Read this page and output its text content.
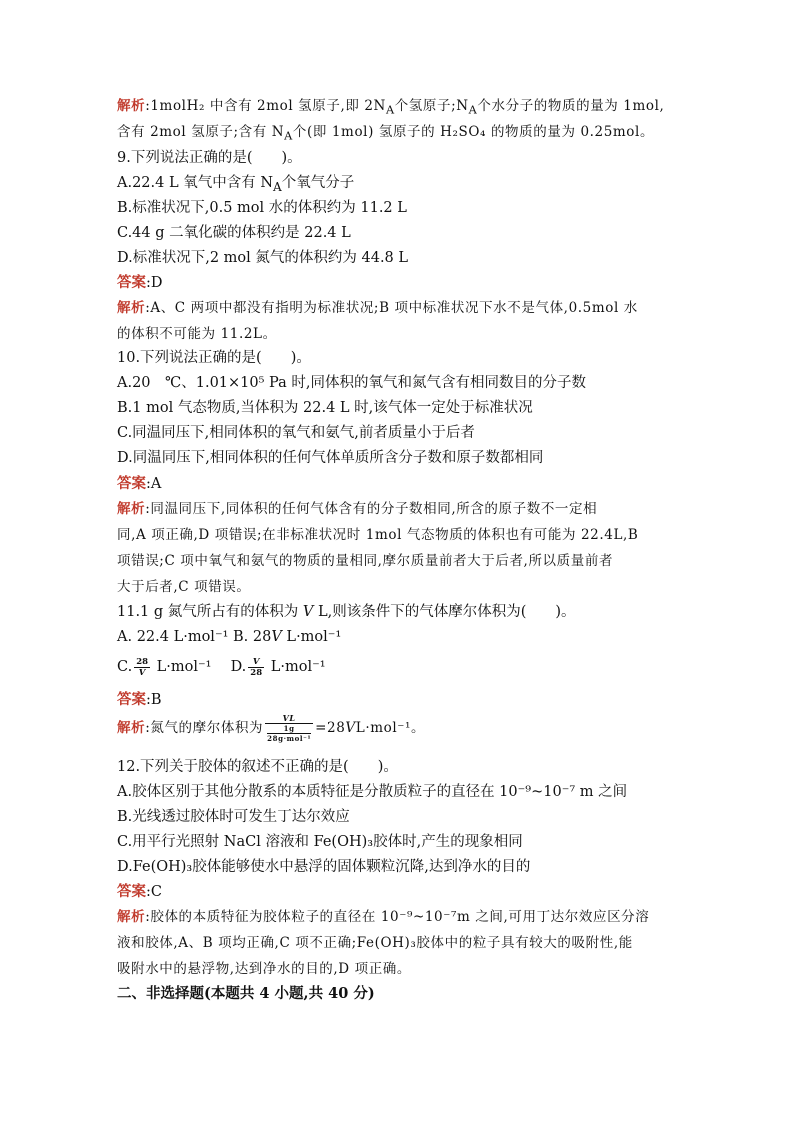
解析:1molH₂ 中含有 2mol 氢原子,即 $2N_A$个氢原子$;N_A$个水分子的物质的量为 1mol,
含有 2mol 氢原子;含有 $N_A$个(即 1mol) 氢原子的 H₂SO₄ 的物质的量为 0.25mol。
9.下列说法正确的是(　　)。
A.22.4 L 氧气中含有 $N_A$个氧气分子
B.标准状况下,0.5 mol 水的体积约为 11.2 L
C.44 g 二氧化碳的体积约是 22.4 L
D.标准状况下,2 mol 氮气的体积约为 44.8 L
答案:D
解析:A、C 两项中都没有指明为标准状况;B 项中标准状况下水不是气体,0.5mol 水
的体积不可能为 11.2L。
10.下列说法正确的是(　　)。
A.20　℃、1.01×10⁵ Pa 时,同体积的氧气和氮气含有相同数目的分子数
B.1 mol 气态物质,当体积为 22.4 L 时,该气体一定处于标准状况
C.同温同压下,相同体积的氧气和氨气,前者质量小于后者
D.同温同压下,相同体积的任何气体单质所含分子数和原子数都相同
答案:A
解析:同温同压下,同体积的任何气体含有的分子数相同,所含的原子数不一定相
同,A 项正确,D 项错误;在非标准状况时 1mol 气态物质的体积也有可能为 22.4L,B
项错误;C 项中氧气和氨气的物质的量相同,摩尔质量前者大于后者,所以质量前者
大于后者,C 项错误。
11.1 g 氮气所占有的体积为 V L,则该条件下的气体摩尔体积为(　　)。
A. 22.4 L·mol⁻¹ B. 28V L·mol⁻¹
C. $\frac{28}{V} L\cdot mol^{-1}$　 D. $\frac{V}{28} L\cdot mol^{-1}$
答案:B
解析:氮气的摩尔体积为 VL
1g
28g·mol⁻¹ =28VL·mol⁻¹。
12.下列关于胶体的叙述不正确的是(　　)。
A.胶体区别于其他分散系的本质特征是分散质粒子的直径在 10⁻⁹~10⁻⁷ m 之间
B.光线透过胶体时可发生丁达尔效应
C.用平行光照射 NaCl 溶液和 Fe(OH)₃胶体时,产生的现象相同
D.Fe(OH)₃胶体能够使水中悬浮的固体颗粒沉降,达到净水的目的
答案:C
解析:胶体的本质特征为胶体粒子的直径在 10⁻⁹~10⁻⁷m 之间,可用丁达尔效应区分溶
液和胶体,A、B 项均正确,C 项不正确;Fe(OH)₃胶体中的粒子具有较大的吸附性,能
吸附水中的悬浮物,达到净水的目的,D 项正确。
二、非选择题(本题共 4 小题,共 40 分)
